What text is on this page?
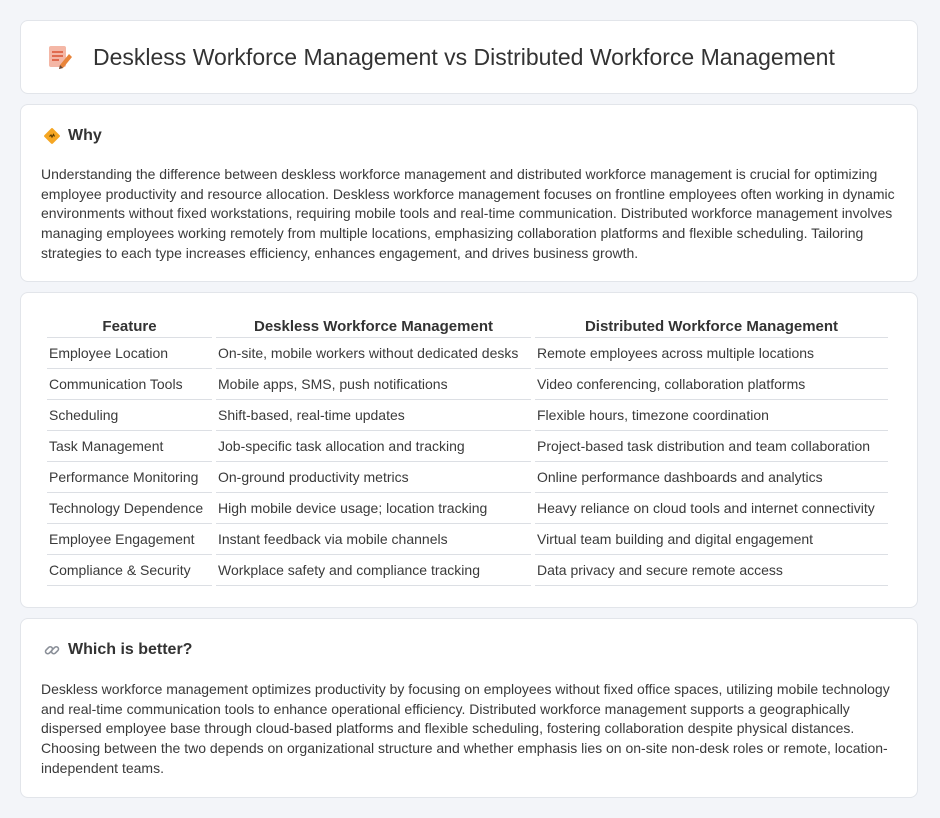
Deskless Workforce Management vs Distributed Workforce Management
Why

Understanding the difference between deskless workforce management and distributed workforce management is crucial for optimizing employee productivity and resource allocation. Deskless workforce management focuses on frontline employees often working in dynamic environments without fixed workstations, requiring mobile tools and real-time communication. Distributed workforce management involves managing employees working remotely from multiple locations, emphasizing collaboration platforms and flexible scheduling. Tailoring strategies to each type increases efficiency, enhances engagement, and drives business growth.

Feature	Deskless Workforce Management	Distributed Workforce Management
Employee Location	On-site, mobile workers without dedicated desks	Remote employees across multiple locations
Communication Tools	Mobile apps, SMS, push notifications	Video conferencing, collaboration platforms
Scheduling	Shift-based, real-time updates	Flexible hours, timezone coordination
Task Management	Job-specific task allocation and tracking	Project-based task distribution and team collaboration
Performance Monitoring	On-ground productivity metrics	Online performance dashboards and analytics
Technology Dependence	High mobile device usage; location tracking	Heavy reliance on cloud tools and internet connectivity
Employee Engagement	Instant feedback via mobile channels	Virtual team building and digital engagement
Compliance & Security	Workplace safety and compliance tracking	Data privacy and secure remote access
Which is better?

Deskless workforce management optimizes productivity by focusing on employees without fixed office spaces, utilizing mobile technology and real-time communication tools to enhance operational efficiency. Distributed workforce management supports a geographically dispersed employee base through cloud-based platforms and flexible scheduling, fostering collaboration despite physical distances. Choosing between the two depends on organizational structure and whether emphasis lies on on-site non-desk roles or remote, location-independent teams.
